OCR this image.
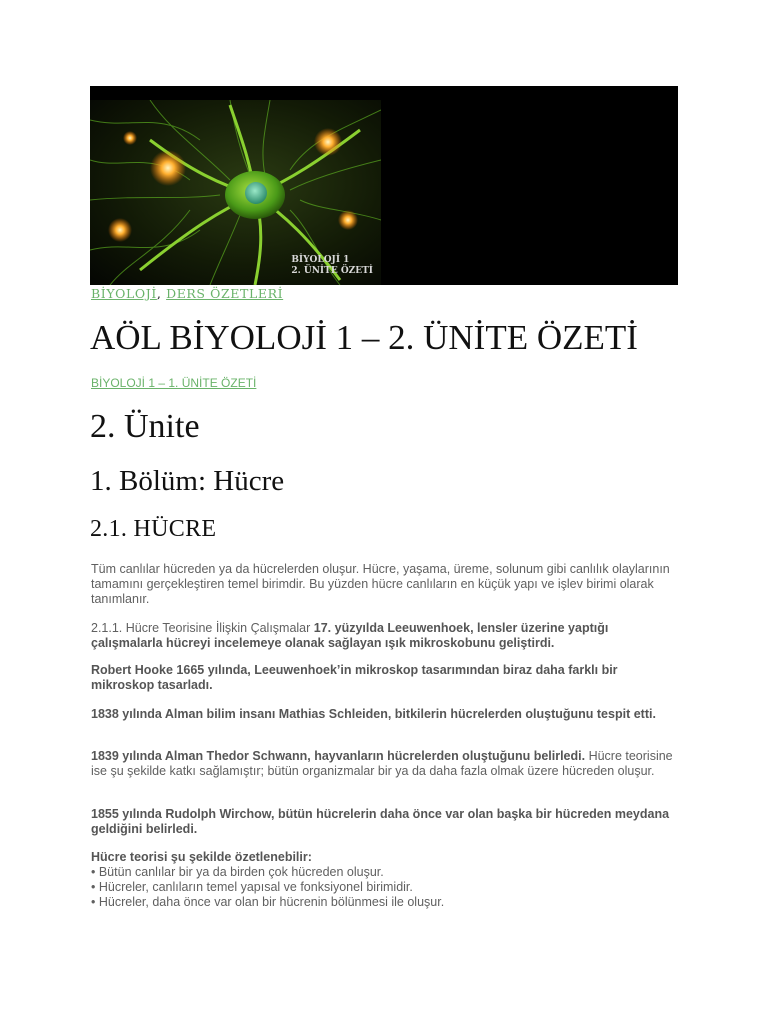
BİYOLOJİ 1
2. ÜNİTE ÖZETİ
BİYOLOJİ, DERS ÖZETLERİ
AÖL BİYOLOJİ 1 – 2. ÜNİTE ÖZETİ
BİYOLOJİ 1 – 1. ÜNİTE ÖZETİ
2. Ünite
1. Bölüm: Hücre
2.1. HÜCRE

Tüm canlılar hücreden ya da hücrelerden oluşur. Hücre, yaşama, üreme, solunum gibi canlılık olaylarının tamamını gerçekleştiren temel birimdir. Bu yüzden hücre canlıların en küçük yapı ve işlev birimi olarak tanımlanır.

2.1.1. Hücre Teorisine İlişkin Çalışmalar 17. yüzyılda Leeuwenhoek, lensler üzerine yaptığı çalışmalarla hücreyi incelemeye olanak sağlayan ışık mikroskobunu geliştirdi.

Robert Hooke 1665 yılında, Leeuwenhoek’in mikroskop tasarımından biraz daha farklı bir mikroskop tasarladı.

1838 yılında Alman bilim insanı Mathias Schleiden, bitkilerin hücrelerden oluştuğunu tespit etti.

1839 yılında Alman Thedor Schwann, hayvanların hücrelerden oluştuğunu belirledi. Hücre teorisine ise şu şekilde katkı sağlamıştır; bütün organizmalar bir ya da daha fazla olmak üzere hücreden oluşur.

1855 yılında Rudolph Wirchow, bütün hücrelerin daha önce var olan başka bir hücreden meydana geldiğini belirledi.

Hücre teorisi şu şekilde özetlenebilir:
• Bütün canlılar bir ya da birden çok hücreden oluşur.
• Hücreler, canlıların temel yapısal ve fonksiyonel birimidir.
• Hücreler, daha önce var olan bir hücrenin bölünmesi ile oluşur.
